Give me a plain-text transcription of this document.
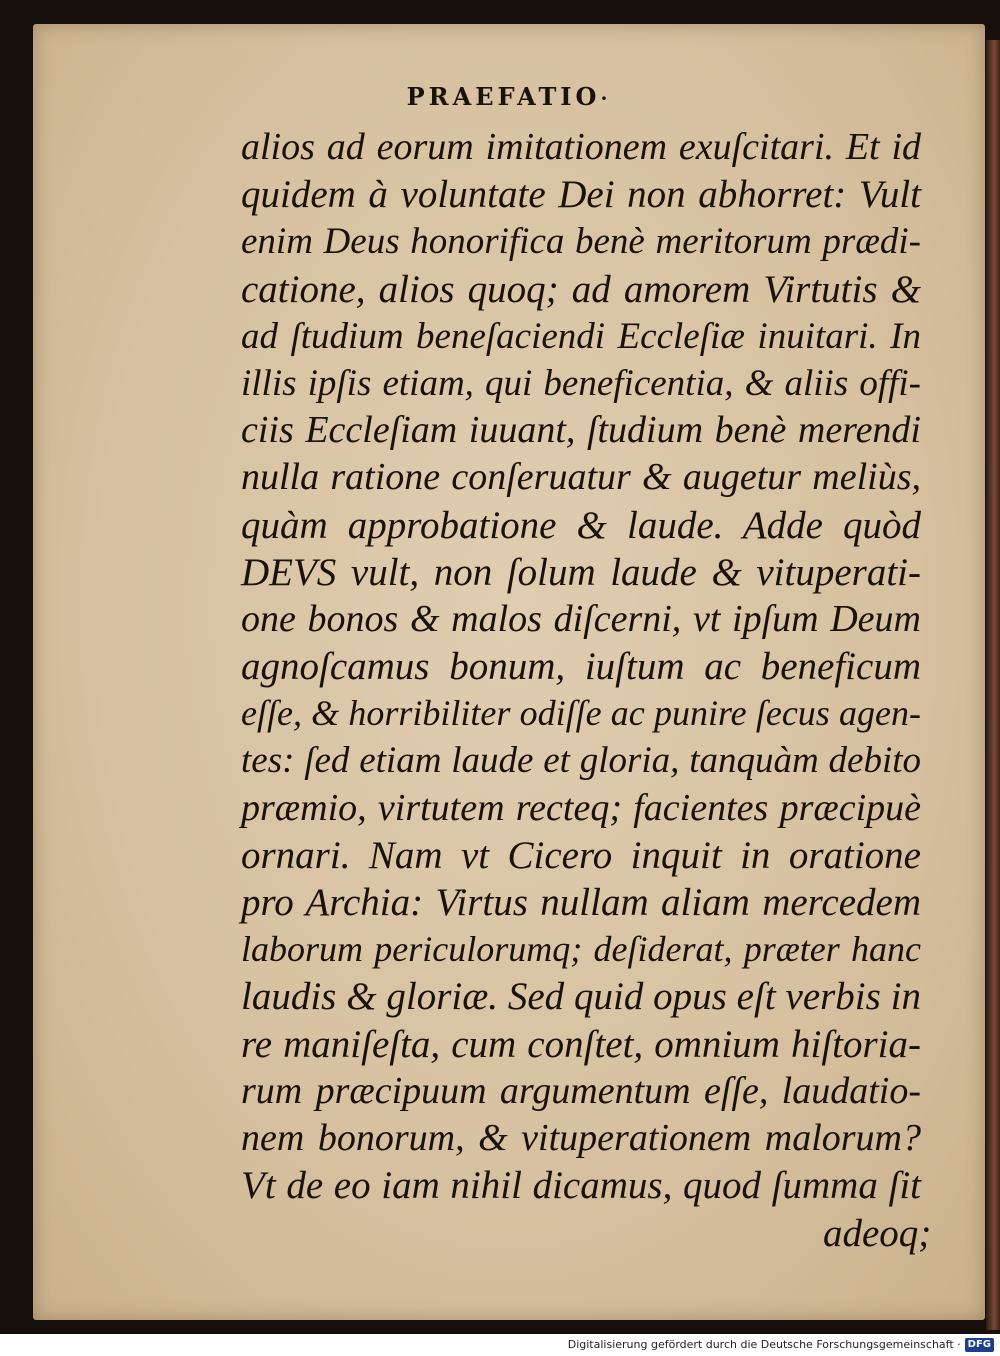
PRAEFATIO·
alios ad eorum imitationem exuſcitari. Et id
quidem à voluntate Dei non abhorret: Vult
enim Deus honorifica benè meritorum prædi-
catione, alios quoq; ad amorem Virtutis &
ad ſtudium beneſaciendi Eccleſiæ inuitari. In
illis ipſis etiam, qui beneficentia, & aliis offi-
ciis Eccleſiam iuuant, ſtudium benè merendi
nulla ratione conſeruatur & augetur meliùs,
quàm approbatione & laude. Adde quòd
DEVS vult, non ſolum laude & vituperati-
one bonos & malos diſcerni, vt ipſum Deum
agnoſcamus bonum, iuſtum ac beneficum
eſſe, & horribiliter odiſſe ac punire ſecus agen-
tes: ſed etiam laude et gloria, tanquàm debito
præmio, virtutem recteq; facientes præcipuè
ornari. Nam vt Cicero inquit in oratione
pro Archia: Virtus nullam aliam mercedem
laborum periculorumq; deſiderat, præter hanc
laudis & gloriæ. Sed quid opus eſt verbis in
re maniſeſta, cum conſtet, omnium hiſtoria-
rum præcipuum argumentum eſſe, laudatio-
nem bonorum, & vituperationem malorum?
Vt de eo iam nihil dicamus, quod ſumma ſit
adeoq;
Digitalisierung gefördert durch die Deutsche Forschungsgemeinschaft · DFG
